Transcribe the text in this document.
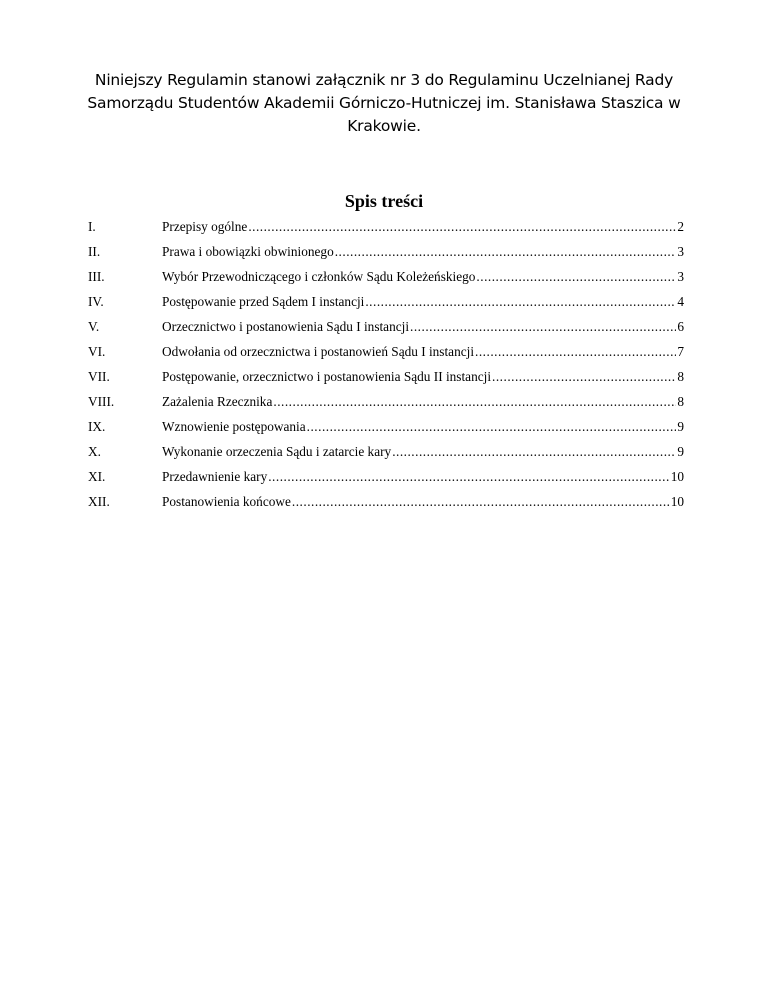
Niniejszy Regulamin stanowi załącznik nr 3 do Regulaminu Uczelnianej Rady Samorządu Studentów Akademii Górniczo-Hutniczej im. Stanisława Staszica w Krakowie.
Spis treści
I.	Przepisy ogólne .....	2
II.	Prawa i obowiązki obwinionego .....	3
III.	Wybór Przewodniczącego i członków Sądu Koleżeńskiego .....	3
IV.	Postępowanie przed Sądem I instancji .....	4
V.	Orzecznictwo i postanowienia Sądu I instancji .....	6
VI.	Odwołania od orzecznictwa i postanowień Sądu I instancji .....	7
VII.	Postępowanie, orzecznictwo i postanowienia Sądu II instancji .....	8
VIII.	Zażalenia Rzecznika .....	8
IX.	Wznowienie postępowania .....	9
X.	Wykonanie orzeczenia Sądu i zatarcie kary .....	9
XI.	Przedawnienie kary .....	10
XII.	Postanowienia końcowe .....	10
